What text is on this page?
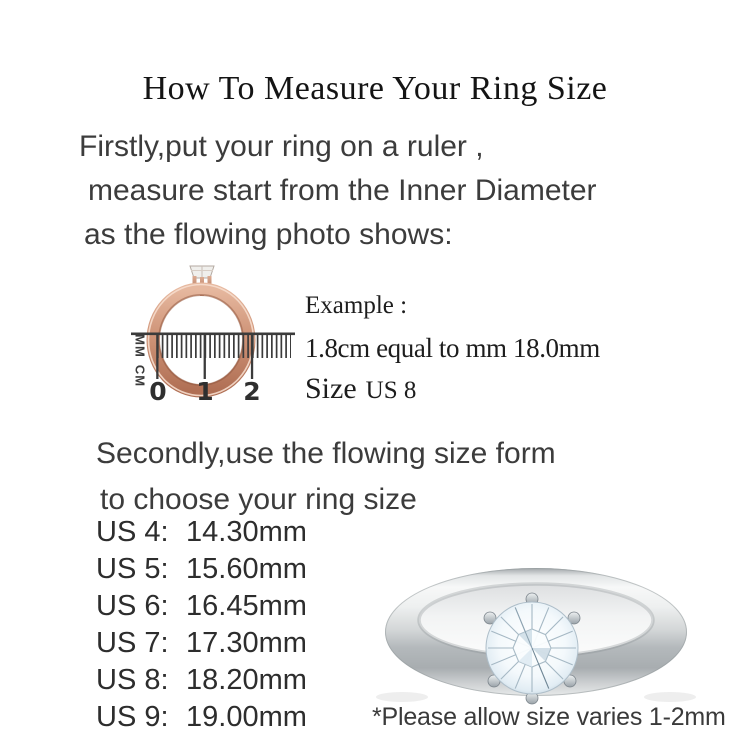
How To Measure Your Ring Size
Firstly,put your ring on a ruler ,
measure start from the Inner Diameter
as the flowing photo shows:
MM
CM
0 1 2
Example :
1.8cm equal to mm 18.0mm
Size US 8
Secondly,use the flowing size form
to choose your ring size
US 4: 14.30mm
US 5: 15.60mm
US 6: 16.45mm
US 7: 17.30mm
US 8: 18.20mm
US 9: 19.00mm	*Please allow size varies 1-2mm
